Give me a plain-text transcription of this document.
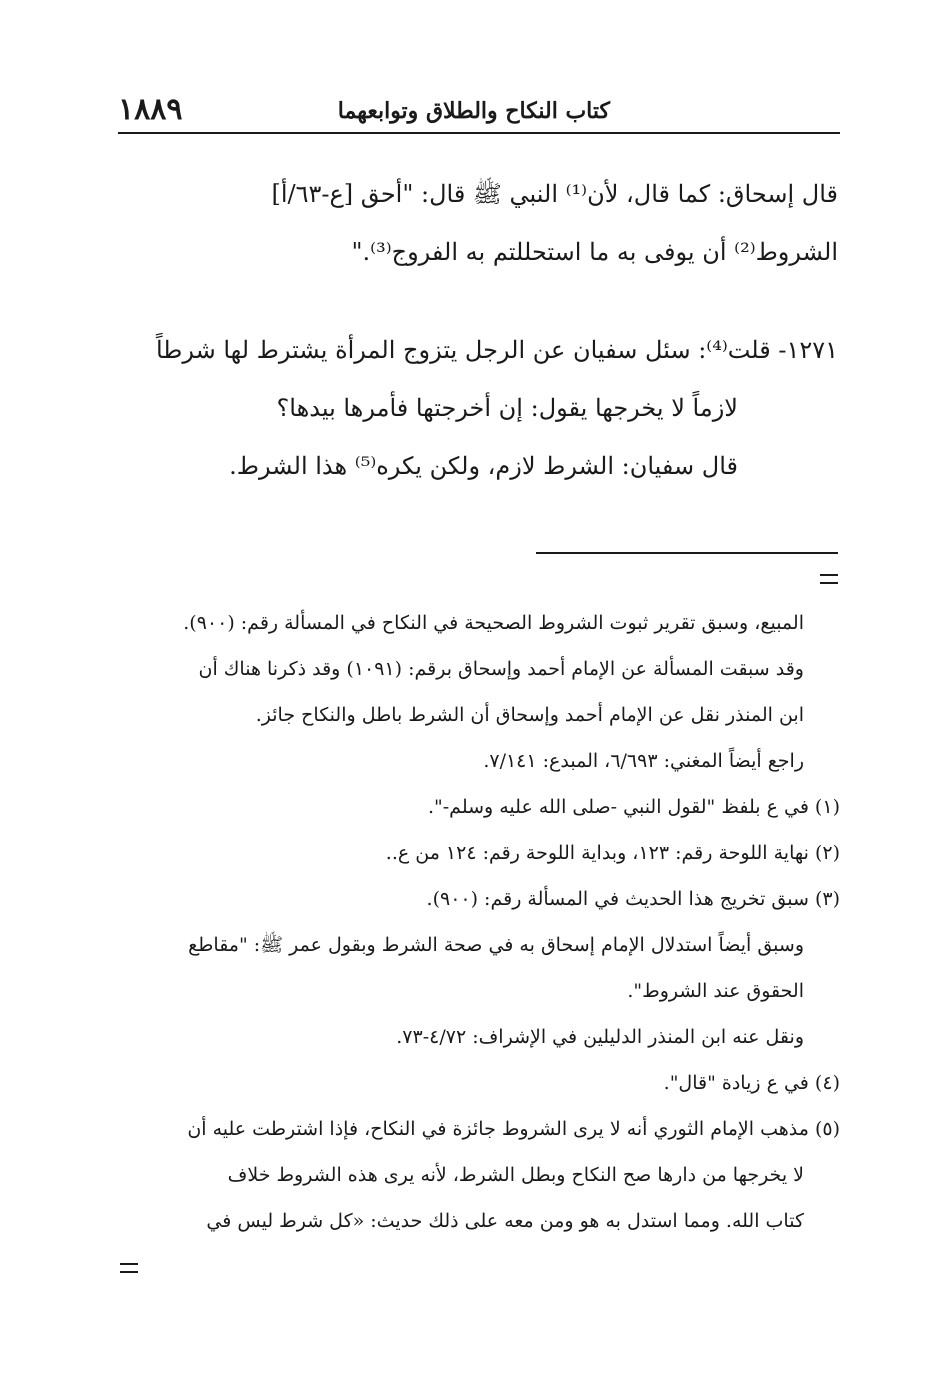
كتاب النكاح والطلاق وتوابعهما
١٨٨٩
قال إسحاق: كما قال، لأن⁽¹⁾ النبي ﷺ قال: "أحق [ع-٦٣/أ]
الشروط⁽²⁾ أن يوفى به ما استحللتم به الفروج⁽³⁾."
١٢٧١- قلت⁽⁴⁾: سئل سفيان عن الرجل يتزوج المرأة يشترط لها شرطاً
لازماً لا يخرجها يقول: إن أخرجتها فأمرها بيدها؟
قال سفيان: الشرط لازم، ولكن يكره⁽⁵⁾ هذا الشرط.
المبيع، وسبق تقرير ثبوت الشروط الصحيحة في النكاح في المسألة رقم: (٩٠٠).
وقد سبقت المسألة عن الإمام أحمد وإسحاق برقم: (١٠٩١) وقد ذكرنا هناك أن
ابن المنذر نقل عن الإمام أحمد وإسحاق أن الشرط باطل والنكاح جائز.
راجع أيضاً المغني: ٦/٦٩٣، المبدع: ٧/١٤١.
(١) في ع بلفظ "لقول النبي -صلى الله عليه وسلم-".
(٢) نهاية اللوحة رقم: ١٢٣، وبداية اللوحة رقم: ١٢٤ من ع..
(٣) سبق تخريج هذا الحديث في المسألة رقم: (٩٠٠).
وسبق أيضاً استدلال الإمام إسحاق به في صحة الشرط وبقول عمر ﷺ: "مقاطع
الحقوق عند الشروط".
ونقل عنه ابن المنذر الدليلين في الإشراف: ٤/٧٢-٧٣.
(٤) في ع زيادة "قال".
(٥) مذهب الإمام الثوري أنه لا يرى الشروط جائزة في النكاح، فإذا اشترطت عليه أن
لا يخرجها من دارها صح النكاح وبطل الشرط، لأنه يرى هذه الشروط خلاف
كتاب الله. ومما استدل به هو ومن معه على ذلك حديث: «كل شرط ليس في
